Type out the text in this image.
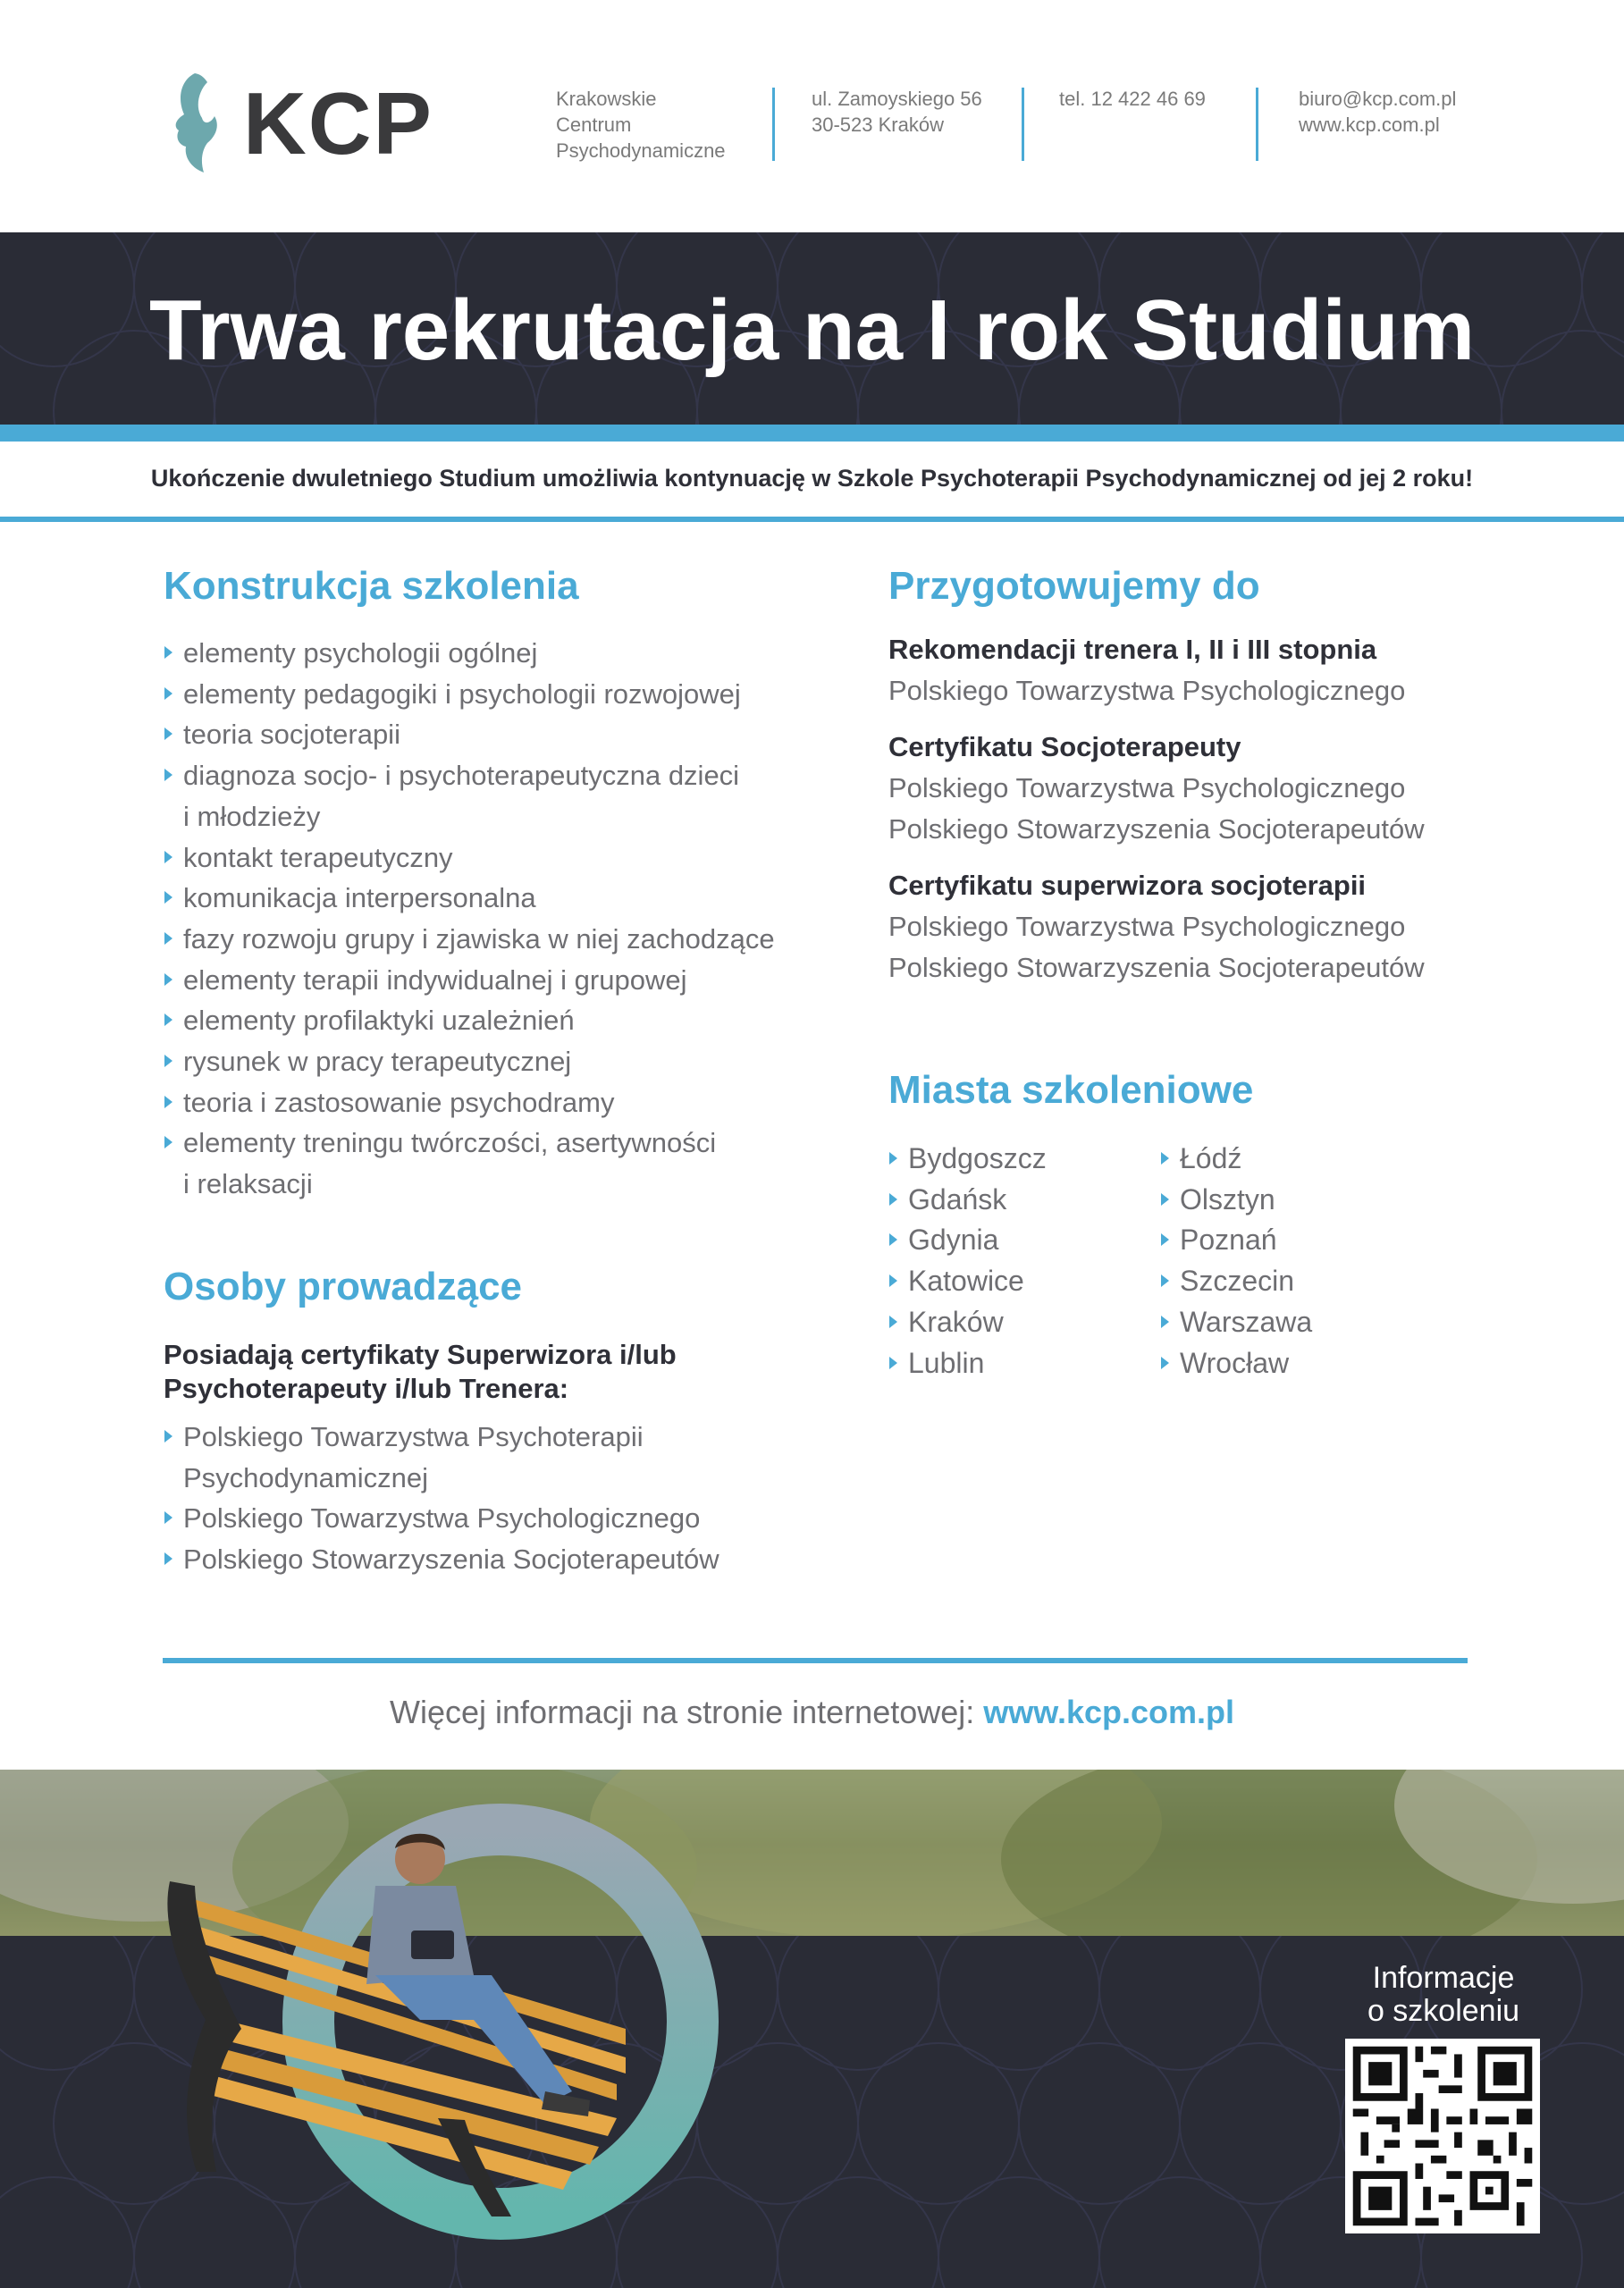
KCP	Krakowskie
Centrum
Psychodynamiczne
ul. Zamoyskiego 56
30-523 Kraków
tel. 12 422 46 69	biuro@kcp.com.pl
www.kcp.com.pl
Trwa rekrutacja na I rok Studium
Ukończenie dwuletniego Studium umożliwia kontynuację w Szkole Psychoterapii Psychodynamicznej od jej 2 roku!
Konstrukcja szkolenia
elementy psychologii ogólnej
elementy pedagogiki i psychologii rozwojowej
teoria socjoterapii
diagnoza socjo- i psychoterapeutyczna dzieci
i młodzieży
kontakt terapeutyczny
komunikacja interpersonalna
fazy rozwoju grupy i zjawiska w niej zachodzące
elementy terapii indywidualnej i grupowej
elementy profilaktyki uzależnień
rysunek w pracy terapeutycznej
teoria i zastosowanie psychodramy
elementy treningu twórczości, asertywności
i relaksacji
Osoby prowadzące
Posiadają certyfikaty Superwizora i/lub
Psychoterapeuty i/lub Trenera:
Polskiego Towarzystwa Psychoterapii
Psychodynamicznej
Polskiego Towarzystwa Psychologicznego
Polskiego Stowarzyszenia Socjoterapeutów
Przygotowujemy do
Rekomendacji trenera I, II i III stopnia
Polskiego Towarzystwa Psychologicznego
Certyfikatu Socjoterapeuty
Polskiego Towarzystwa Psychologicznego
Polskiego Stowarzyszenia Socjoterapeutów
Certyfikatu superwizora socjoterapii
Polskiego Towarzystwa Psychologicznego
Polskiego Stowarzyszenia Socjoterapeutów
Miasta szkoleniowe
Bydgoszcz
Gdańsk
Gdynia
Katowice
Kraków
Lublin
Łódź
Olsztyn
Poznań
Szczecin
Warszawa
Wrocław
Więcej informacji na stronie internetowej: www.kcp.com.pl
Informacje
o szkoleniu
